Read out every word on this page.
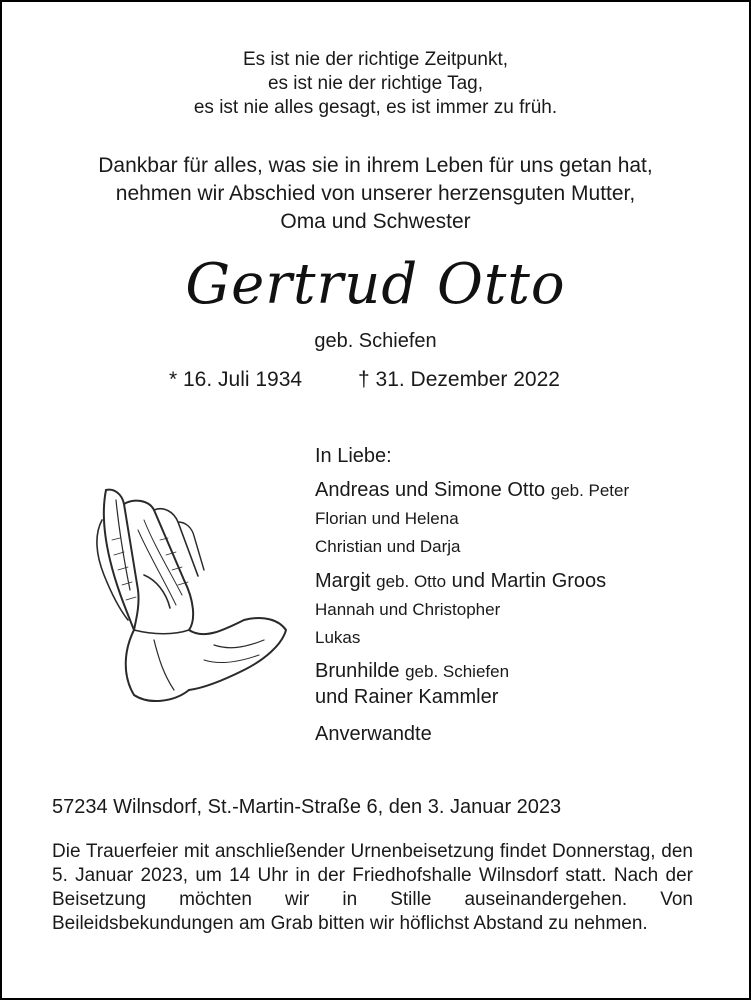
Es ist nie der richtige Zeitpunkt,
es ist nie der richtige Tag,
es ist nie alles gesagt, es ist immer zu früh.
Dankbar für alles, was sie in ihrem Leben für uns getan hat,
nehmen wir Abschied von unserer herzensguten Mutter,
Oma und Schwester
Gertrud Otto
geb. Schiefen
* 16. Juli 1934	† 31. Dezember 2022
In Liebe:
Andreas und Simone Otto geb. Peter
Florian und Helena
Christian und Darja
Margit geb. Otto und Martin Groos
Hannah und Christopher
Lukas
Brunhilde geb. Schiefen
und Rainer Kammler
Anverwandte
57234 Wilnsdorf, St.-Martin-Straße 6, den 3. Januar 2023
Die Trauerfeier mit anschließender Urnenbeisetzung findet Donnerstag, den 5. Januar 2023, um 14 Uhr in der Friedhofshalle Wilnsdorf statt. Nach der Beisetzung möchten wir in Stille auseinandergehen. Von Beileidsbekundungen am Grab bitten wir höflichst Abstand zu nehmen.
